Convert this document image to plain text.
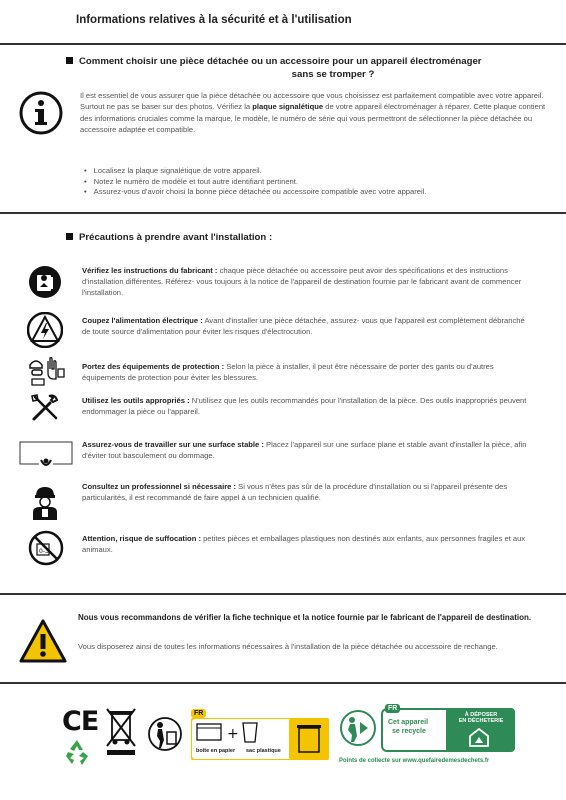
Informations relatives à la sécurité et à l'utilisation
Comment choisir une pièce détachée ou un accessoire pour un appareil électroménager
sans se tromper ?
Il est essentiel de vous assurer que la pièce détachée ou accessoire que vous choisissez est parfaitement compatible avec votre appareil. Surtout ne pas se baser sur des photos. Vérifiez la plaque signalétique de votre appareil électroménager à réparer. Cette plaque contient des informations cruciales comme la marque, le modèle, le numéro de série qui vous permettront de sélectionner la pièce détachée ou accessoire adaptée et compatible.
• Localisez la plaque signalétique de votre appareil.
• Notez le numéro de modèle et tout autre identifiant pertinent.
• Assurez-vous d'avoir choisi la bonne pièce détachée ou accessoire compatible avec votre appareil.
Précautions à prendre avant l'installation :
Vérifiez les instructions du fabricant : chaque pièce détachée ou accessoire peut avoir des spécifications et des instructions d'installation différentes. Référez- vous toujours à la notice de l'appareil de destination fournie par le fabricant avant de commencer l'installation.
Coupez l'alimentation électrique : Avant d'installer une pièce détachée, assurez- vous que l'appareil est complètement débranché de toute source d'alimentation pour éviter les risques d'électrocution.
Portez des équipements de protection : Selon la pièce à installer, il peut être nécessaire de porter des gants ou d'autres équipements de protection pour éviter les blessures.
Utilisez les outils appropriés : N'utilisez que les outils recommandés pour l'installation de la pièce. Des outils inappropriés peuvent endommager la pièce ou l'appareil.
Assurez-vous de travailler sur une surface stable : Placez l'appareil sur une surface plane et stable avant d'installer la pièce, afin d'éviter tout basculement ou dommage.
Consultez un professionnel si nécessaire : Si vous n'êtes pas sûr de la procédure d'installation ou si l'appareil présente des particularités, il est recommandé de faire appel à un technicien qualifié.
0-3
Attention, risque de suffocation : petites pièces et emballages plastiques non destinés aux enfants, aux personnes fragiles et aux animaux.
Nous vous recommandons de vérifier la fiche technique et la notice fournie par le fabricant de l'appareil de destination.
Vous disposerez ainsi de toutes les informations nécessaires à l'installation de la pièce détachée ou accessoire de rechange.
CE	FR
+
boîte en papier sac plastique
FR
Cet appareil
se recycle
À DÉPOSER
EN DÉCHETERIE
Points de collecte sur www.quefairedemesdechets.fr
